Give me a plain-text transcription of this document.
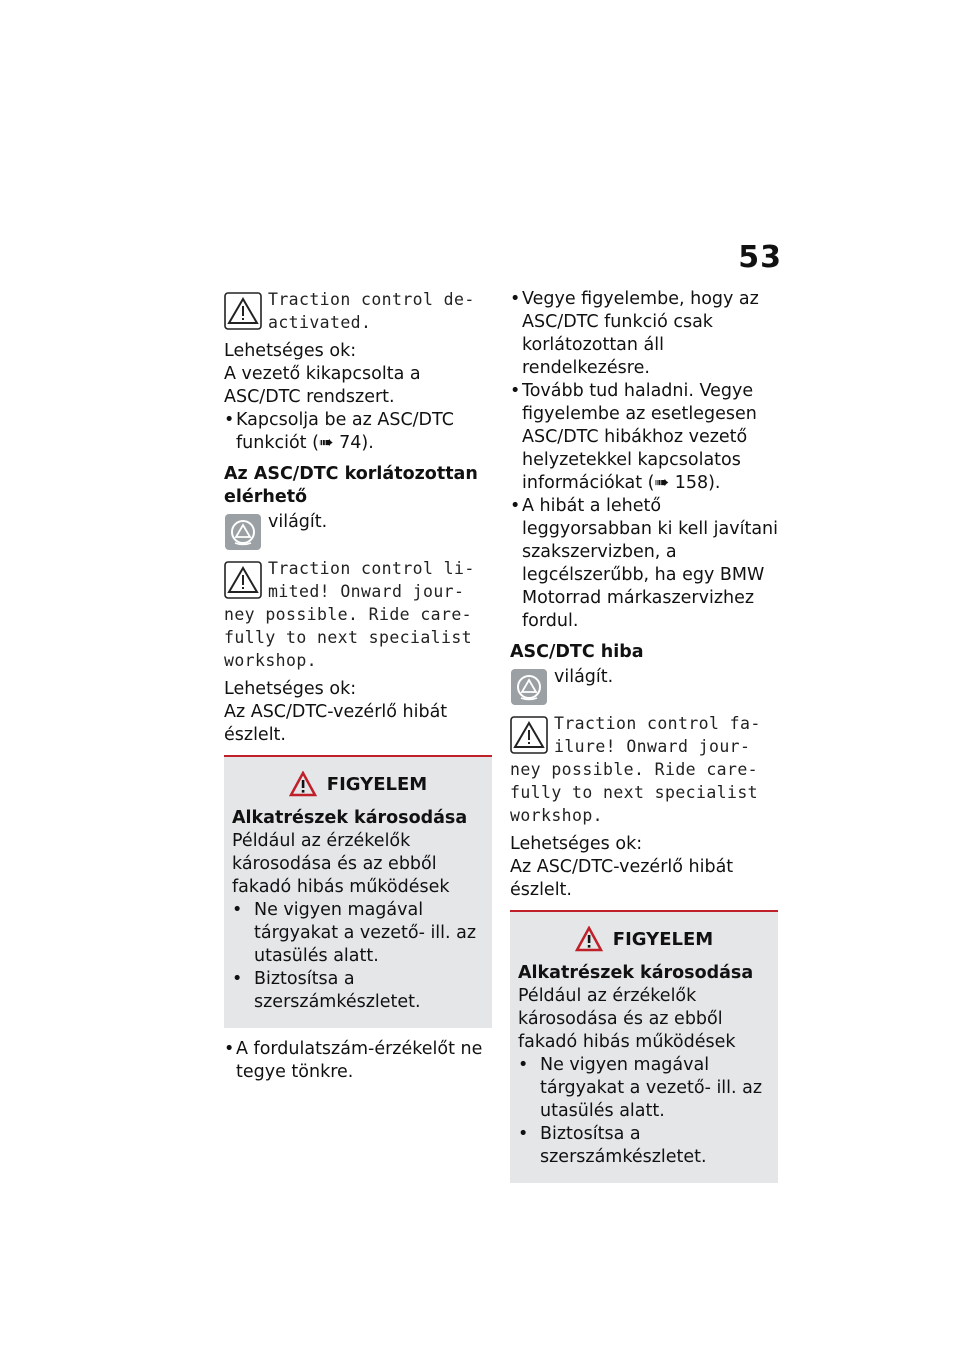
53
Traction control de-
activated.

Lehetséges ok:

A vezető kikapcsolta a ASC/DTC rendszert.

• Kapcsolja be az ASC/DTC

funkciót (➠ 74).

Az ASC/DTC korlátozottan elérhető

világít.
Traction control li-
mited! Onward jour-
ney possible. Ride care-
fully to next specialist
workshop.

Lehetséges ok:

Az ASC/DTC-vezérlő hibát észlelt.

FIGYELEM

Alkatrészek károsodása

Például az érzékelők károsodása és az ebből fakadó hibás működések

• Ne vigyen magával tárgyakat a vezető- ill. az utasülés alatt.

• Biztosítsa a szerszámkészletet.

• A fordulatszám-érzékelőt ne tegye tönkre.

• Vegye figyelembe, hogy az ASC/DTC funkció csak korlátozottan áll rendelkezésre.

• Tovább tud haladni. Vegye figyelembe az esetlegesen ASC/DTC hibákhoz vezető helyzetekkel kapcsolatos információkat (➠ 158).

• A hibát a lehető leggyorsabban ki kell javítani szakszervizben, a legcélszerűbb, ha egy BMW Motorrad márkaszervizhez fordul.

ASC/DTC hiba

világít.
Traction control fa-
ilure! Onward jour-
ney possible. Ride care-
fully to next specialist
workshop.

Lehetséges ok:

Az ASC/DTC-vezérlő hibát észlelt.

FIGYELEM

Alkatrészek károsodása

Például az érzékelők károsodása és az ebből fakadó hibás működések

• Ne vigyen magával tárgyakat a vezető- ill. az utasülés alatt.

• Biztosítsa a szerszámkészletet.
